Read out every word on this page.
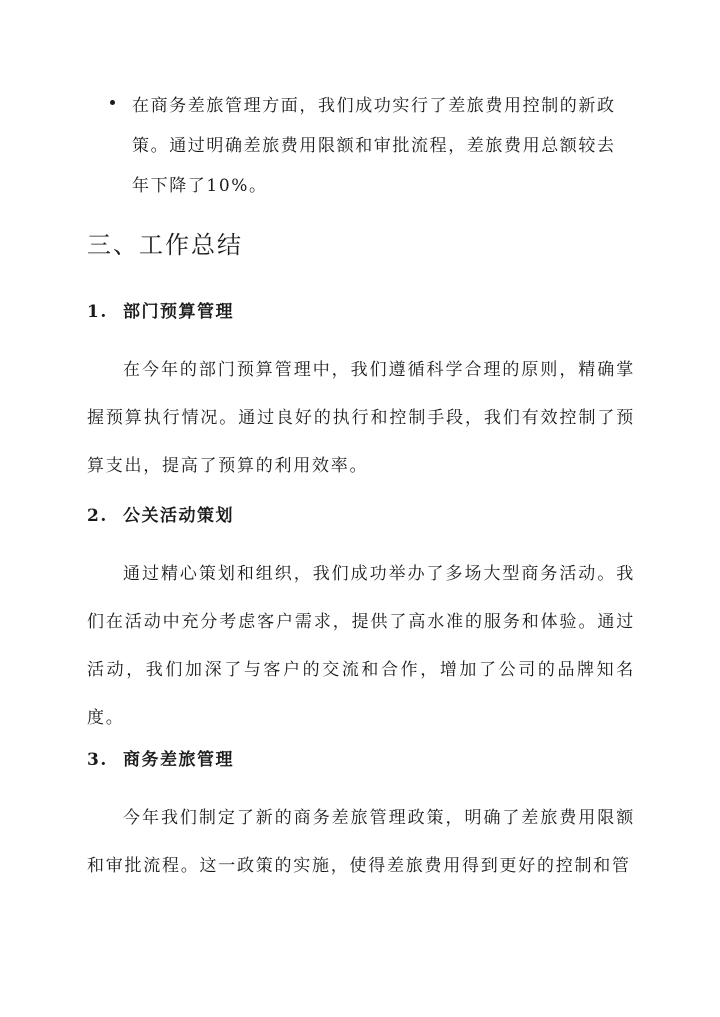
在商务差旅管理方面，我们成功实行了差旅费用控制的新政策。通过明确差旅费用限额和审批流程，差旅费用总额较去年下降了10%。
三、工作总结
1. 部门预算管理
在今年的部门预算管理中，我们遵循科学合理的原则，精确掌握预算执行情况。通过良好的执行和控制手段，我们有效控制了预算支出，提高了预算的利用效率。
2. 公关活动策划
通过精心策划和组织，我们成功举办了多场大型商务活动。我们在活动中充分考虑客户需求，提供了高水准的服务和体验。通过活动，我们加深了与客户的交流和合作，增加了公司的品牌知名度。
3. 商务差旅管理
今年我们制定了新的商务差旅管理政策，明确了差旅费用限额和审批流程。这一政策的实施，使得差旅费用得到更好的控制和管
